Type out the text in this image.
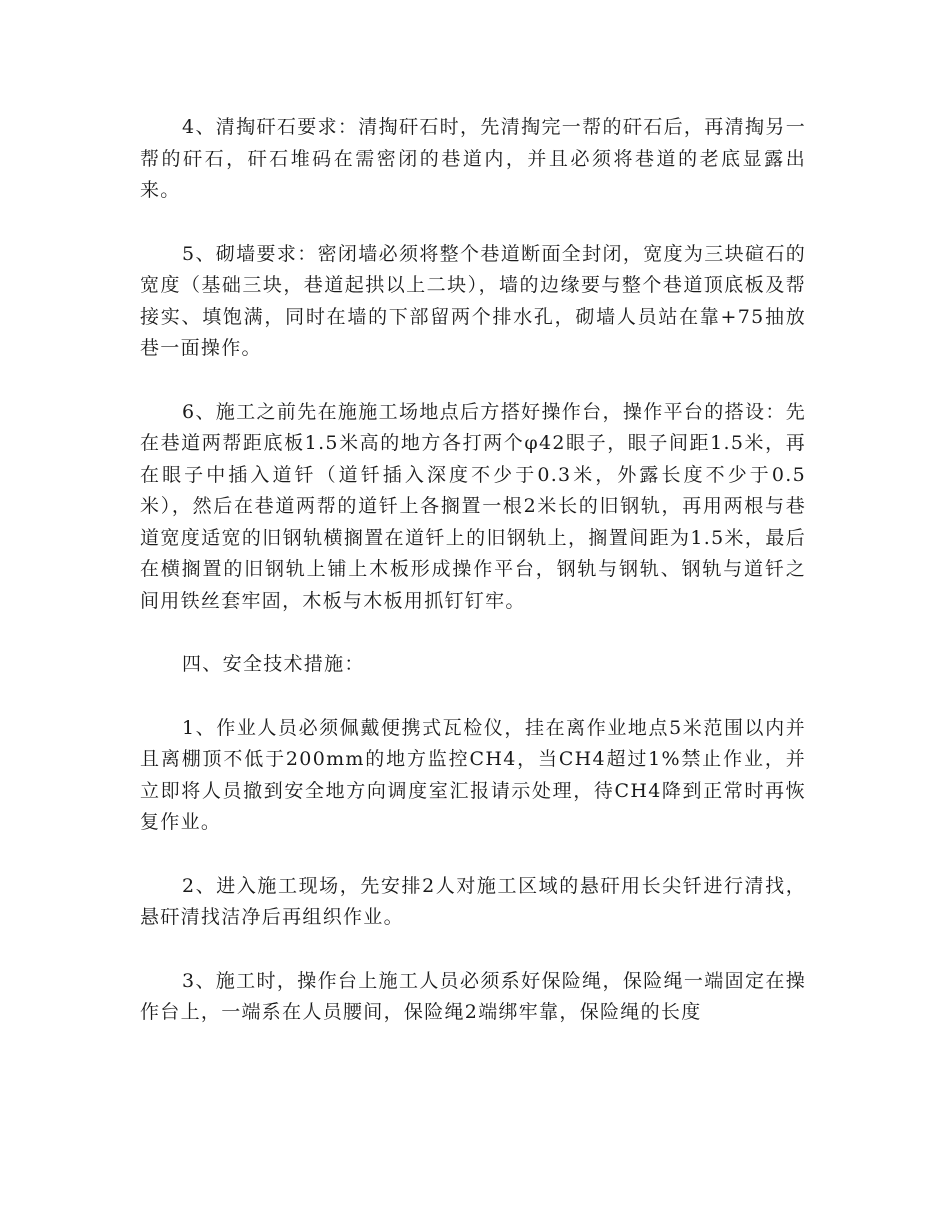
4、清掏矸石要求：清掏矸石时，先清掏完一帮的矸石后，再清掏另一帮的矸石，矸石堆码在需密闭的巷道内，并且必须将巷道的老底显露出来。

5、砌墙要求：密闭墙必须将整个巷道断面全封闭，宽度为三块碹石的宽度（基础三块，巷道起拱以上二块），墙的边缘要与整个巷道顶底板及帮接实、填饱满，同时在墙的下部留两个排水孔，砌墙人员站在靠+75抽放巷一面操作。

6、施工之前先在施施工场地点后方搭好操作台，操作平台的搭设：先在巷道两帮距底板1.5米高的地方各打两个φ42眼子，眼子间距1.5米，再在眼子中插入道钎（道钎插入深度不少于0.3米，外露长度不少于0.5米），然后在巷道两帮的道钎上各搁置一根2米长的旧钢轨，再用两根与巷道宽度适宽的旧钢轨横搁置在道钎上的旧钢轨上，搁置间距为1.5米，最后在横搁置的旧钢轨上铺上木板形成操作平台，钢轨与钢轨、钢轨与道钎之间用铁丝套牢固，木板与木板用抓钉钉牢。

四、安全技术措施：

1、作业人员必须佩戴便携式瓦检仪，挂在离作业地点5米范围以内并且离棚顶不低于200mm的地方监控CH4，当CH4超过1%禁止作业，并立即将人员撤到安全地方向调度室汇报请示处理，待CH4降到正常时再恢复作业。

2、进入施工现场，先安排2人对施工区域的悬矸用长尖钎进行清找，悬矸清找洁净后再组织作业。

3、施工时，操作台上施工人员必须系好保险绳，保险绳一端固定在操作台上，一端系在人员腰间，保险绳2端绑牢靠，保险绳的长度
